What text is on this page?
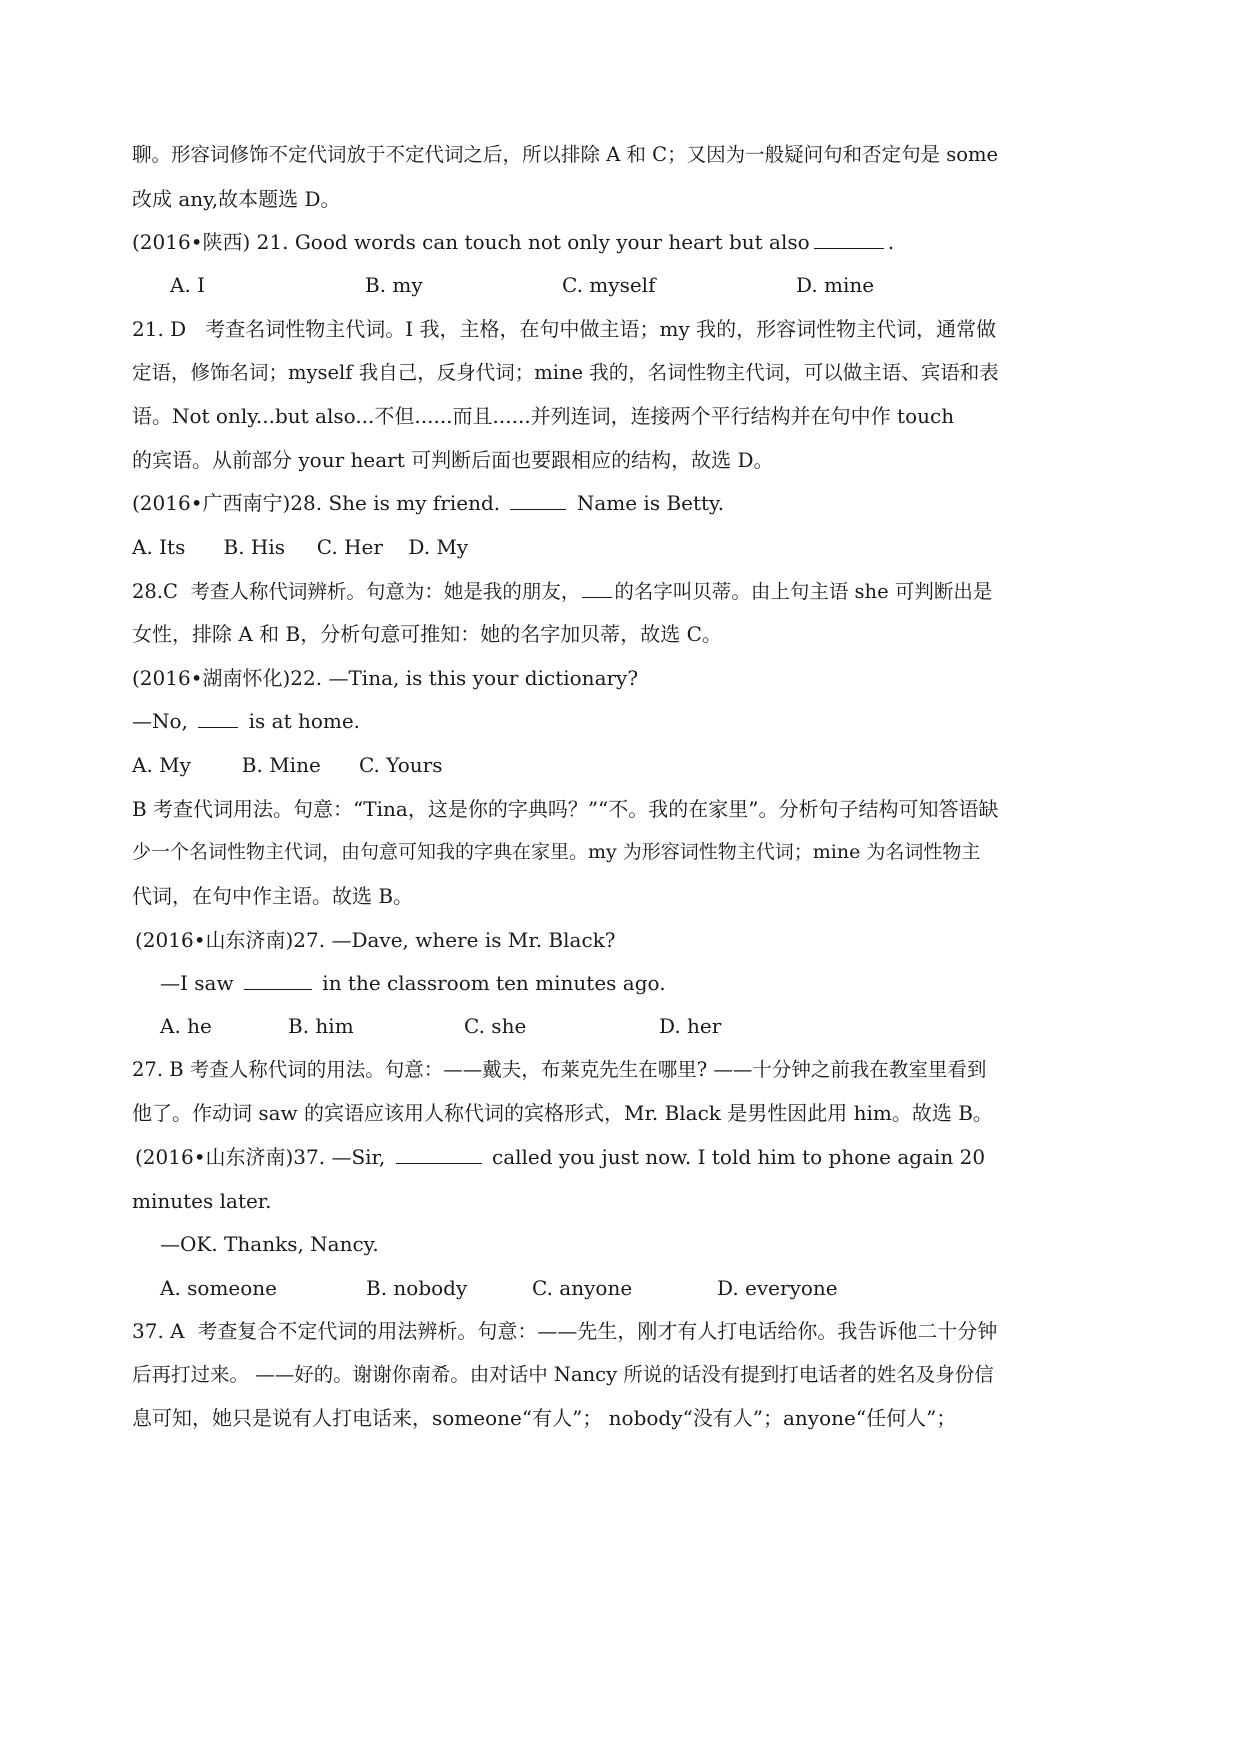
聊。形容词修饰不定代词放于不定代词之后，所以排除 A 和 C；又因为一般疑问句和否定句是 some
改成 any,故本题选 D。
(2016•陕西) 21. Good words can touch not only your heart but also	.
A. I	B. my	C. myself	D. mine
21. D   考查名词性物主代词。I 我，主格，在句中做主语；my 我的，形容词性物主代词，通常做
定语，修饰名词；myself 我自己，反身代词；mine 我的，名词性物主代词，可以做主语、宾语和表
语。Not only...but also...不但......而且......并列连词，连接两个平行结构并在句中作 touch
的宾语。从前部分 your heart 可判断后面也要跟相应的结构，故选 D。
(2016•广西南宁)28. She is my friend.	Name is Betty.
A. Its      B. His     C. Her    D. My
28.C  考查人称代词辨析。句意为：她是我的朋友， 的名字叫贝蒂。由上句主语 she 可判断出是
女性，排除 A 和 B，分析句意可推知：她的名字加贝蒂，故选 C。
(2016•湖南怀化)22. —Tina, is this your dictionary?
—No,	is at home.
A. My        B. Mine      C. Yours
B 考查代词用法。句意：“Tina，这是你的字典吗？”“不。我的在家里”。分析句子结构可知答语缺
少一个名词性物主代词，由句意可知我的字典在家里。my 为形容词性物主代词；mine 为名词性物主
代词，在句中作主语。故选 B。
(2016•山东济南)27. —Dave, where is Mr. Black?
—I saw	in the classroom ten minutes ago.
A. he	B. him	C. she	D. her
27. B 考查人称代词的用法。句意：——戴夫，布莱克先生在哪里? ——十分钟之前我在教室里看到
他了。作动词 saw 的宾语应该用人称代词的宾格形式，Mr. Black 是男性因此用 him。故选 B。
(2016•山东济南)37. —Sir,	called you just now. I told him to phone again 20
minutes later.
—OK. Thanks, Nancy.
A. someone	B. nobody	C. anyone	D. everyone
37. A  考查复合不定代词的用法辨析。句意：——先生，刚才有人打电话给你。我告诉他二十分钟
后再打过来。 ——好的。谢谢你南希。由对话中 Nancy 所说的话没有提到打电话者的姓名及身份信
息可知，她只是说有人打电话来，someone“有人”； nobody“没有人”；anyone“任何人”；
